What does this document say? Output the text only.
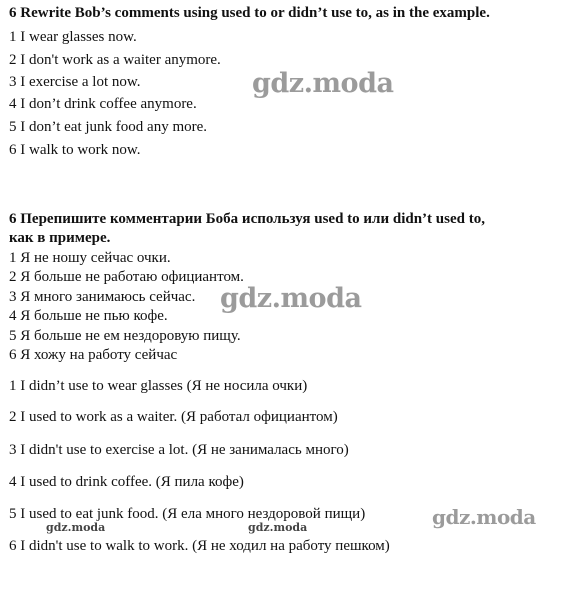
6 Rewrite Bob’s comments using used to or didn’t use to, as in the example.
1 I wear glasses now.
2 I don't work as a waiter anymore.
3 I exercise a lot now.
4 I don’t drink coffee anymore.
5 I don’t eat junk food any more.
6 I walk to work now.
6 Перепишите комментарии Боба используя used to или didn’t used to,
как в примере.
1 Я не ношу сейчас очки.
2 Я больше не работаю официантом.
3 Я много занимаюсь сейчас.
4 Я больше не пью кофе.
5 Я больше не ем нездоровую пищу.
6 Я хожу на работу сейчас
1 I didn’t use to wear glasses (Я не носила очки)
2 I used to work as a waiter. (Я работал официантом)
3 I didn't use to exercise a lot. (Я не занималась много)
4 I used to drink coffee. (Я пила кофе)
5 I used to eat junk food. (Я ела много нездоровой пищи)
6 I didn't use to walk to work. (Я не ходил на работу пешком)
gdz.moda
gdz.moda
gdz.moda
gdz.moda	gdz.moda
